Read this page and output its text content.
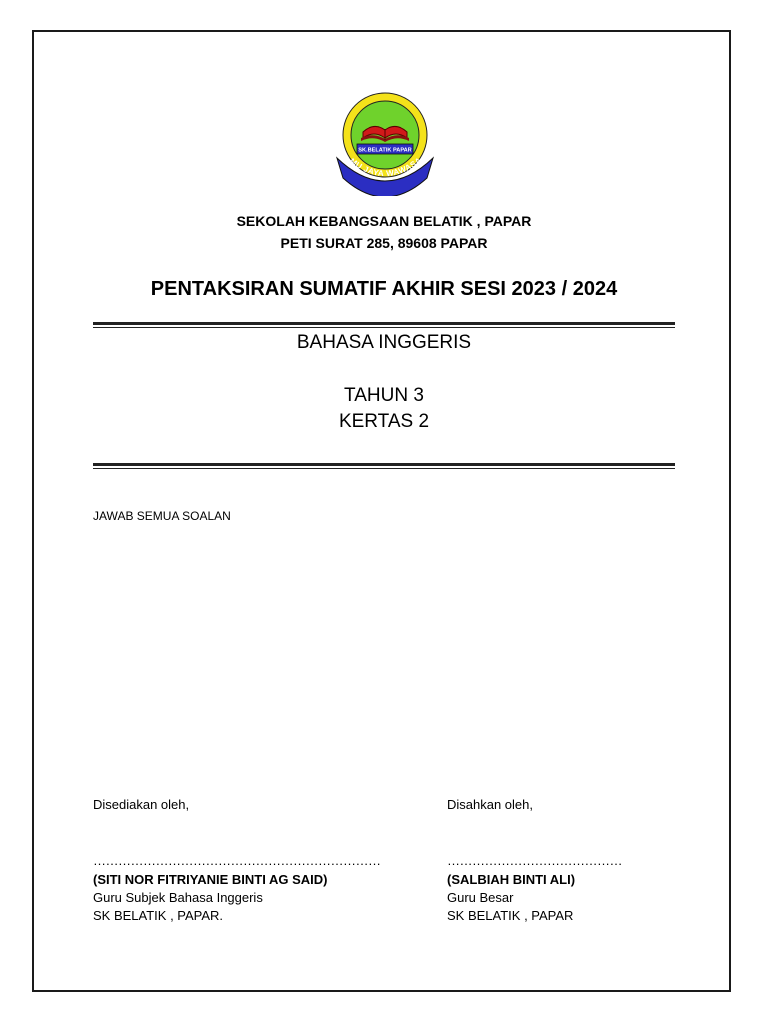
SK.BELATIK PAPAR
MU JAYA WAWASA
SEKOLAH KEBANGSAAN BELATIK , PAPAR
PETI SURAT 285, 89608 PAPAR
PENTAKSIRAN SUMATIF AKHIR SESI 2023 / 2024
BAHASA INGGERIS
TAHUN 3
KERTAS 2
JAWAB SEMUA SOALAN
Disediakan oleh,
……………………………………………………………
(SITI NOR FITRIYANIE BINTI AG SAID)
Guru Subjek Bahasa Inggeris
SK BELATIK , PAPAR.
Disahkan oleh,
……………………………………
(SALBIAH BINTI ALI)
Guru Besar
SK BELATIK , PAPAR
